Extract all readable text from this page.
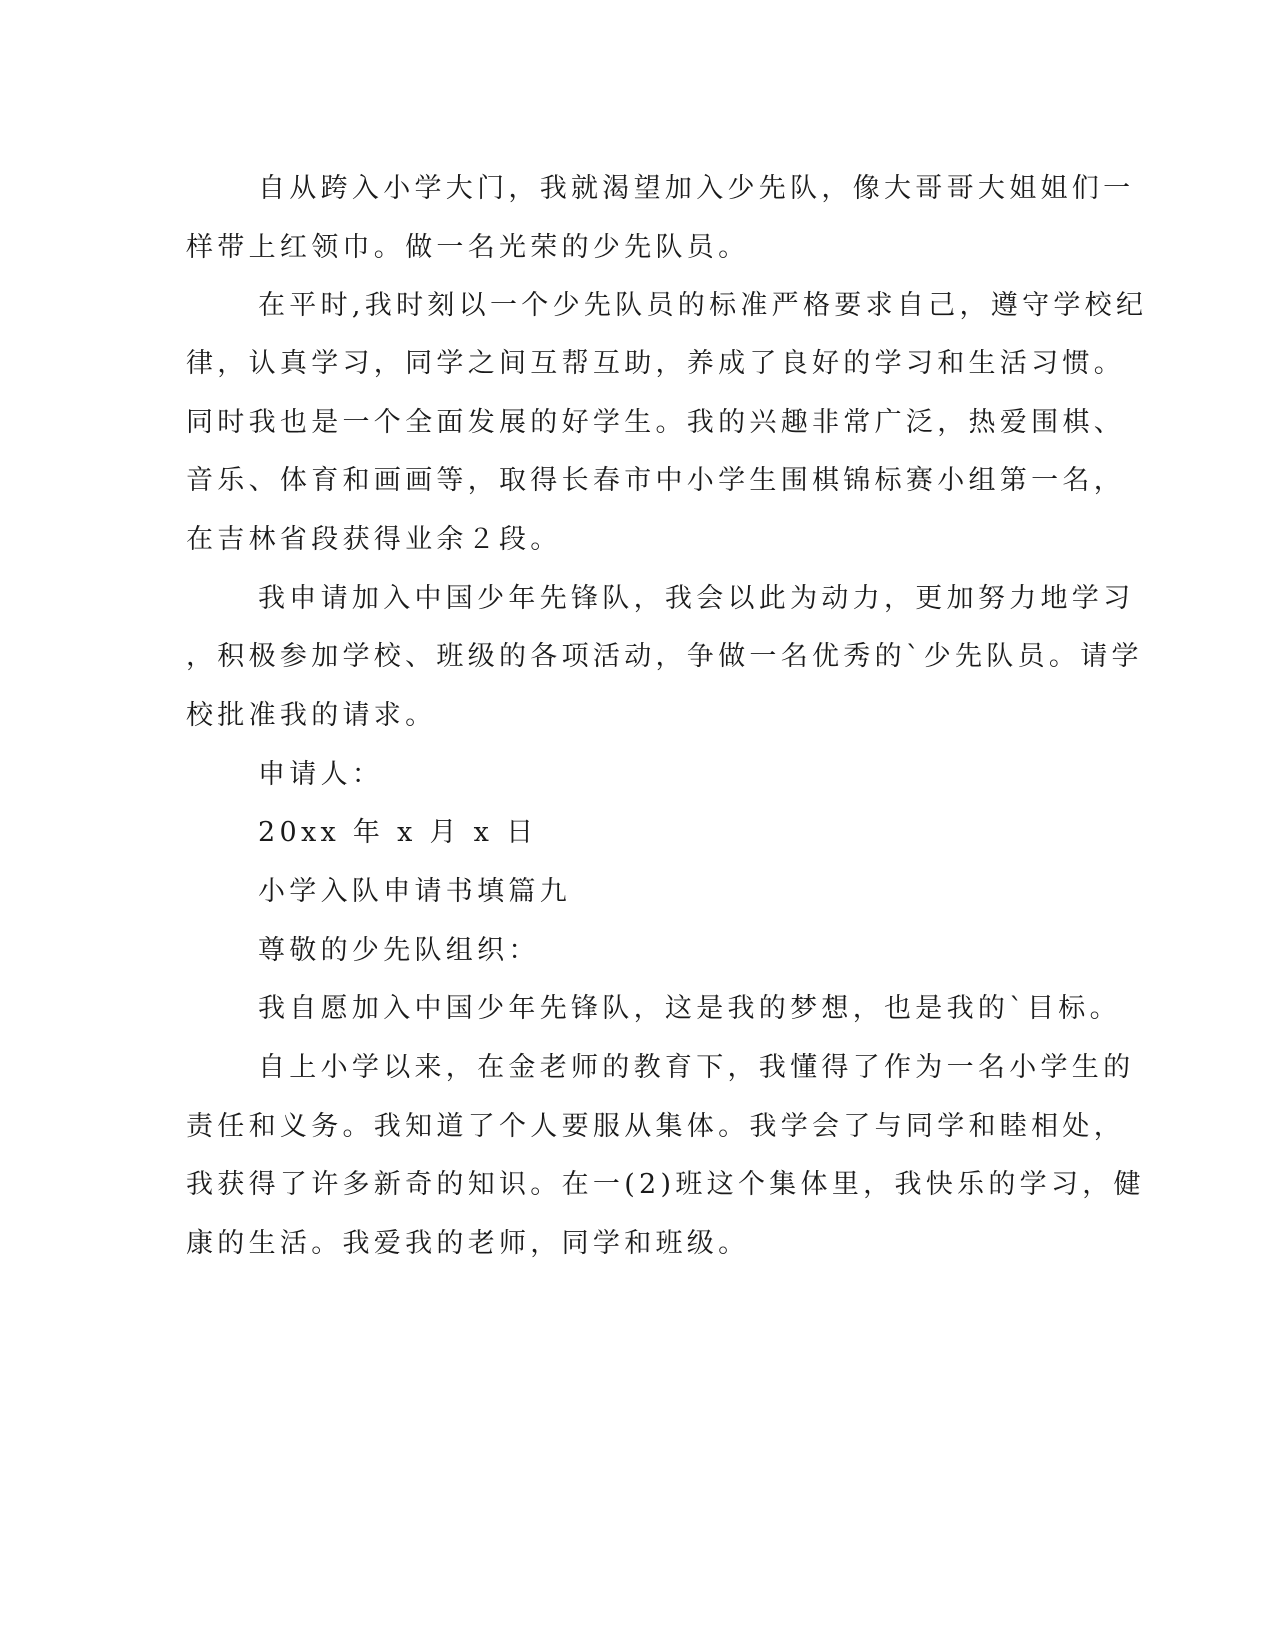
自从跨入小学大门，我就渴望加入少先队，像大哥哥大姐姐们一
样带上红领巾。做一名光荣的少先队员。
在平时,我时刻以一个少先队员的标准严格要求自己，遵守学校纪
律，认真学习，同学之间互帮互助，养成了良好的学习和生活习惯。
同时我也是一个全面发展的好学生。我的兴趣非常广泛，热爱围棋、
音乐、体育和画画等，取得长春市中小学生围棋锦标赛小组第一名，
在吉林省段获得业余２段。
我申请加入中国少年先锋队，我会以此为动力，更加努力地学习
，积极参加学校、班级的各项活动，争做一名优秀的`少先队员。请学
校批准我的请求。
申请人：
20xx 年 x 月 x 日
小学入队申请书填篇九
尊敬的少先队组织：
我自愿加入中国少年先锋队，这是我的梦想，也是我的`目标。
自上小学以来，在金老师的教育下，我懂得了作为一名小学生的
责任和义务。我知道了个人要服从集体。我学会了与同学和睦相处，
我获得了许多新奇的知识。在一(2)班这个集体里，我快乐的学习，健
康的生活。我爱我的老师，同学和班级。
